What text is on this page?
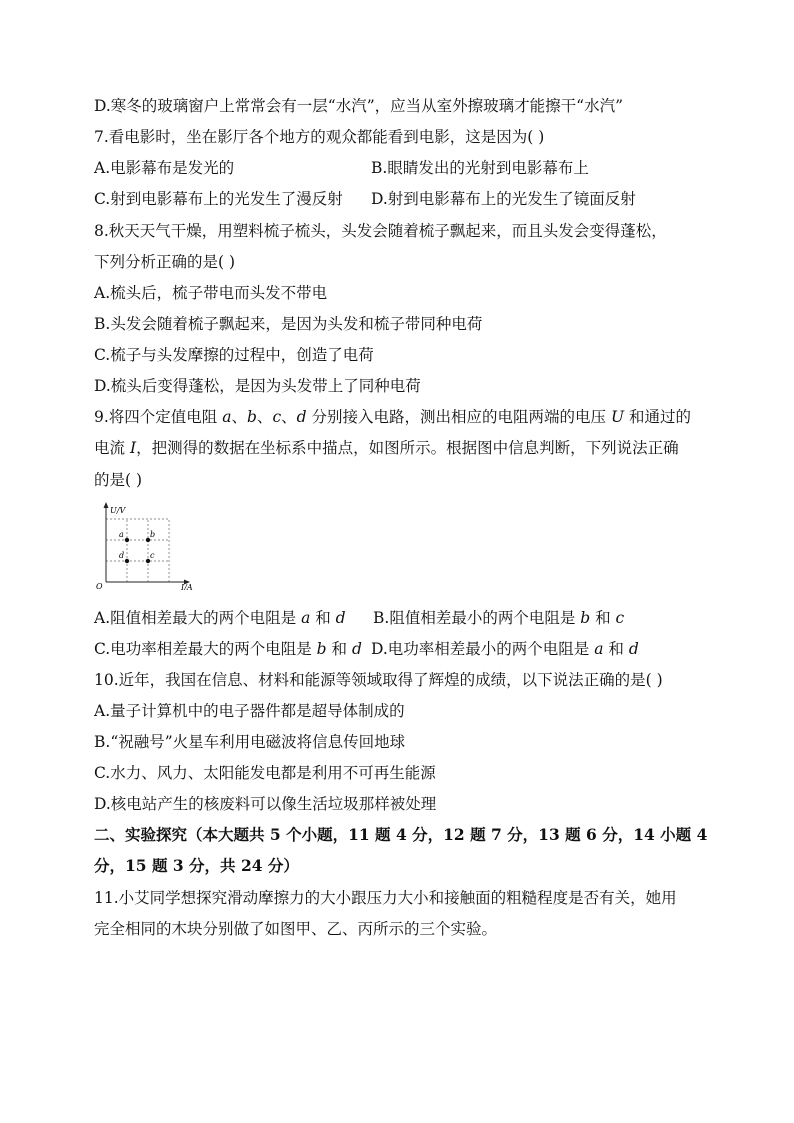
D.寒冬的玻璃窗户上常常会有一层“水汽”，应当从室外擦玻璃才能擦干“水汽”
7.看电影时，坐在影厅各个地方的观众都能看到电影，这是因为( )
A.电影幕布是发光的	B.眼睛发出的光射到电影幕布上
C.射到电影幕布上的光发生了漫反射 D.射到电影幕布上的光发生了镜面反射
8.秋天天气干燥，用塑料梳子梳头，头发会随着梳子飘起来，而且头发会变得蓬松，
下列分析正确的是( )
A.梳头后，梳子带电而头发不带电
B.头发会随着梳子飘起来，是因为头发和梳子带同种电荷
C.梳子与头发摩擦的过程中，创造了电荷
D.梳头后变得蓬松，是因为头发带上了同种电荷
9.将四个定值电阻 a、b、c、d 分别接入电路，测出相应的电阻两端的电压 U 和通过的
电流 I，把测得的数据在坐标系中描点，如图所示。根据图中信息判断，下列说法正确
的是( )
U/V
I/A
O
a	b
c
d
A.阻值相差最大的两个电阻是 a 和 d B.阻值相差最小的两个电阻是 b 和 c
C.电功率相差最大的两个电阻是 b 和 d D.电功率相差最小的两个电阻是 a 和 d
10.近年，我国在信息、材料和能源等领域取得了辉煌的成绩，以下说法正确的是( )
A.量子计算机中的电子器件都是超导体制成的
B.“祝融号”火星车利用电磁波将信息传回地球
C.水力、风力、太阳能发电都是利用不可再生能源
D.核电站产生的核废料可以像生活垃圾那样被处理
二、实验探究（本大题共 5 个小题，11 题 4 分，12 题 7 分，13 题 6 分，14 小题 4
分，15 题 3 分，共 24 分）
11.小艾同学想探究滑动摩擦力的大小跟压力大小和接触面的粗糙程度是否有关，她用
完全相同的木块分别做了如图甲、乙、丙所示的三个实验。
